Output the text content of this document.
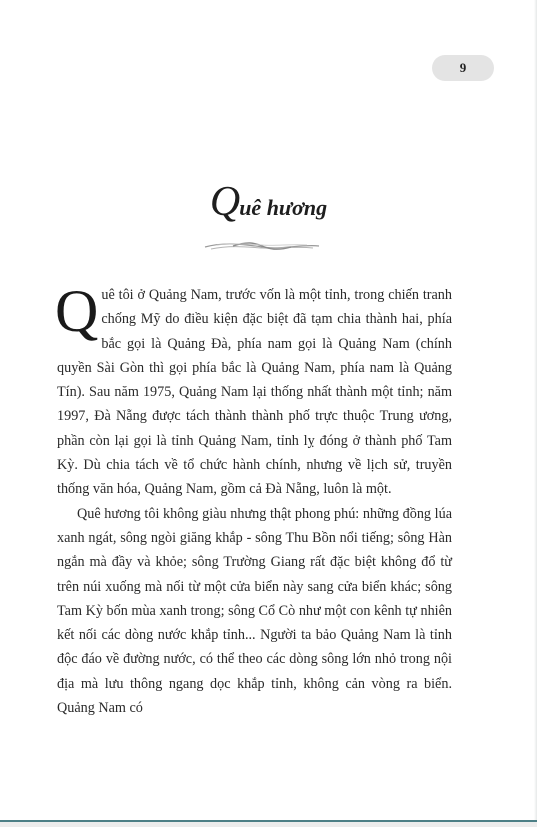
9
Quê hương

Quê tôi ở Quảng Nam, trước vốn là một tỉnh, trong chiến tranh chống Mỹ do điều kiện đặc biệt đã tạm chia thành hai, phía bắc gọi là Quảng Đà, phía nam gọi là Quảng Nam (chính quyền Sài Gòn thì gọi phía bắc là Quảng Nam, phía nam là Quảng Tín). Sau năm 1975, Quảng Nam lại thống nhất thành một tỉnh; năm 1997, Đà Nẵng được tách thành thành phố trực thuộc Trung ương, phần còn lại gọi là tỉnh Quảng Nam, tỉnh lỵ đóng ở thành phố Tam Kỳ. Dù chia tách về tổ chức hành chính, nhưng về lịch sử, truyền thống văn hóa, Quảng Nam, gồm cả Đà Nẵng, luôn là một.

Quê hương tôi không giàu nhưng thật phong phú: những đồng lúa xanh ngát, sông ngòi giăng khắp - sông Thu Bồn nổi tiếng; sông Hàn ngắn mà đầy và khỏe; sông Trường Giang rất đặc biệt không đổ từ trên núi xuống mà nối từ một cửa biển này sang cửa biển khác; sông Tam Kỳ bốn mùa xanh trong; sông Cổ Cò như một con kênh tự nhiên kết nối các dòng nước khắp tỉnh... Người ta bảo Quảng Nam là tỉnh độc đáo về đường nước, có thể theo các dòng sông lớn nhỏ trong nội địa mà lưu thông ngang dọc khắp tỉnh, không cản vòng ra biển. Quảng Nam có
